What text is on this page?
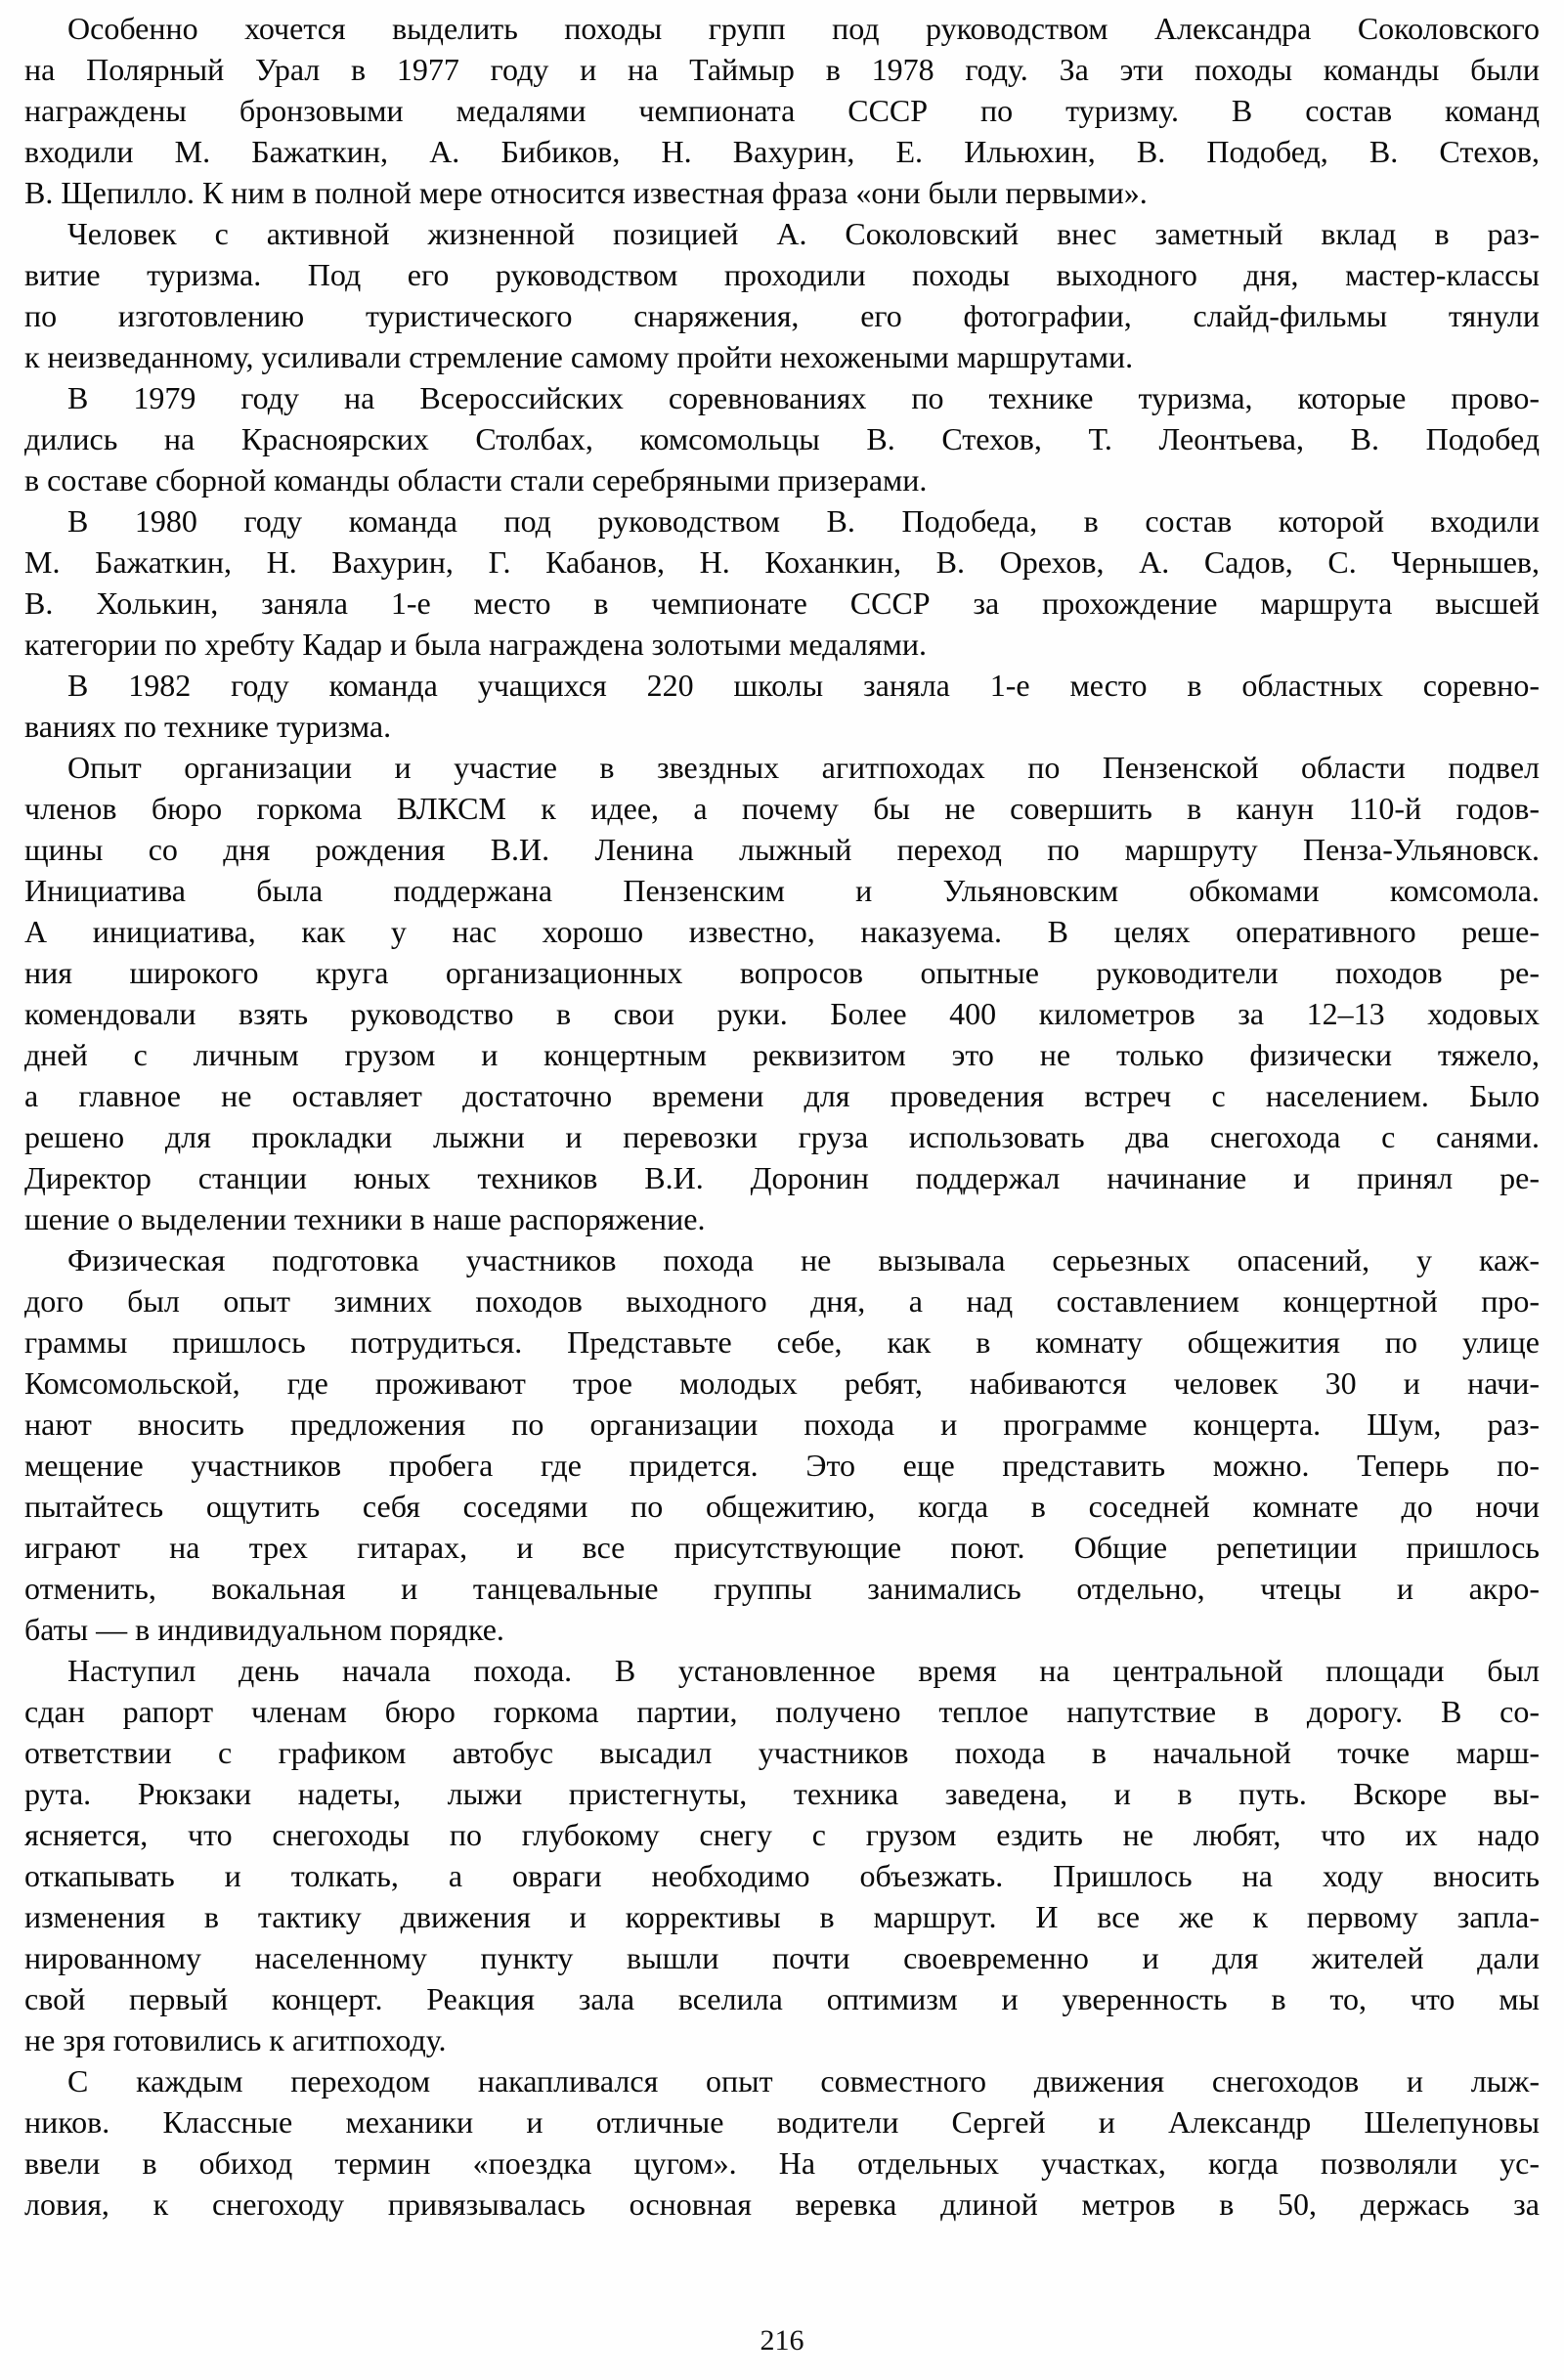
Особенно хочется выделить походы групп под руководством Александра Соколовского
на Полярный Урал в 1977 году и на Таймыр в 1978 году. За эти походы команды были
награждены бронзовыми медалями чемпионата СССР по туризму. В состав команд
входили М. Бажаткин, А. Бибиков, Н. Вахурин, Е. Ильюхин, В. Подобед, В. Стехов,
В. Щепилло. К ним в полной мере относится известная фраза «они были первыми».
Человек с активной жизненной позицией А. Соколовский внес заметный вклад в раз-
витие туризма. Под его руководством проходили походы выходного дня, мастер-классы
по изготовлению туристического снаряжения, его фотографии, слайд-фильмы тянули
к неизведанному, усиливали стремление самому пройти нехожеными маршрутами.
В 1979 году на Всероссийских соревнованиях по технике туризма, которые прово-
дились на Красноярских Столбах, комсомольцы В. Стехов, Т. Леонтьева, В. Подобед
в составе сборной команды области стали серебряными призерами.
В 1980 году команда под руководством В. Подобеда, в состав которой входили
М. Бажаткин, Н. Вахурин, Г. Кабанов, Н. Коханкин, В. Орехов, А. Садов, С. Чернышев,
В. Холькин, заняла 1-е место в чемпионате СССР за прохождение маршрута высшей
категории по хребту Кадар и была награждена золотыми медалями.
В 1982 году команда учащихся 220 школы заняла 1-е место в областных соревно-
ваниях по технике туризма.
Опыт организации и участие в звездных агитпоходах по Пензенской области подвел
членов бюро горкома ВЛКСМ к идее, а почему бы не совершить в канун 110-й годов-
щины со дня рождения В.И. Ленина лыжный переход по маршруту Пенза-Ульяновск.
Инициатива была поддержана Пензенским и Ульяновским обкомами комсомола.
А инициатива, как у нас хорошо известно, наказуема. В целях оперативного реше-
ния широкого круга организационных вопросов опытные руководители походов ре-
комендовали взять руководство в свои руки. Более 400 километров за 12–13 ходовых
дней с личным грузом и концертным реквизитом это не только физически тяжело,
а главное не оставляет достаточно времени для проведения встреч с населением. Было
решено для прокладки лыжни и перевозки груза использовать два снегохода с санями.
Директор станции юных техников В.И. Доронин поддержал начинание и принял ре-
шение о выделении техники в наше распоряжение.
Физическая подготовка участников похода не вызывала серьезных опасений, у каж-
дого был опыт зимних походов выходного дня, а над составлением концертной про-
граммы пришлось потрудиться. Представьте себе, как в комнату общежития по улице
Комсомольской, где проживают трое молодых ребят, набиваются человек 30 и начи-
нают вносить предложения по организации похода и программе концерта. Шум, раз-
мещение участников пробега где придется. Это еще представить можно. Теперь по-
пытайтесь ощутить себя соседями по общежитию, когда в соседней комнате до ночи
играют на трех гитарах, и все присутствующие поют. Общие репетиции пришлось
отменить, вокальная и танцевальные группы занимались отдельно, чтецы и акро-
баты — в индивидуальном порядке.
Наступил день начала похода. В установленное время на центральной площади был
сдан рапорт членам бюро горкома партии, получено теплое напутствие в дорогу. В со-
ответствии с графиком автобус высадил участников похода в начальной точке марш-
рута. Рюкзаки надеты, лыжи пристегнуты, техника заведена, и в путь. Вскоре вы-
ясняется, что снегоходы по глубокому снегу с грузом ездить не любят, что их надо
откапывать и толкать, а овраги необходимо объезжать. Пришлось на ходу вносить
изменения в тактику движения и коррективы в маршрут. И все же к первому запла-
нированному населенному пункту вышли почти своевременно и для жителей дали
свой первый концерт. Реакция зала вселила оптимизм и уверенность в то, что мы
не зря готовились к агитпоходу.
С каждым переходом накапливался опыт совместного движения снегоходов и лыж-
ников. Классные механики и отличные водители Сергей и Александр Шелепуновы
ввели в обиход термин «поездка цугом». На отдельных участках, когда позволяли ус-
ловия, к снегоходу привязывалась основная веревка длиной метров в 50, держась за
216
